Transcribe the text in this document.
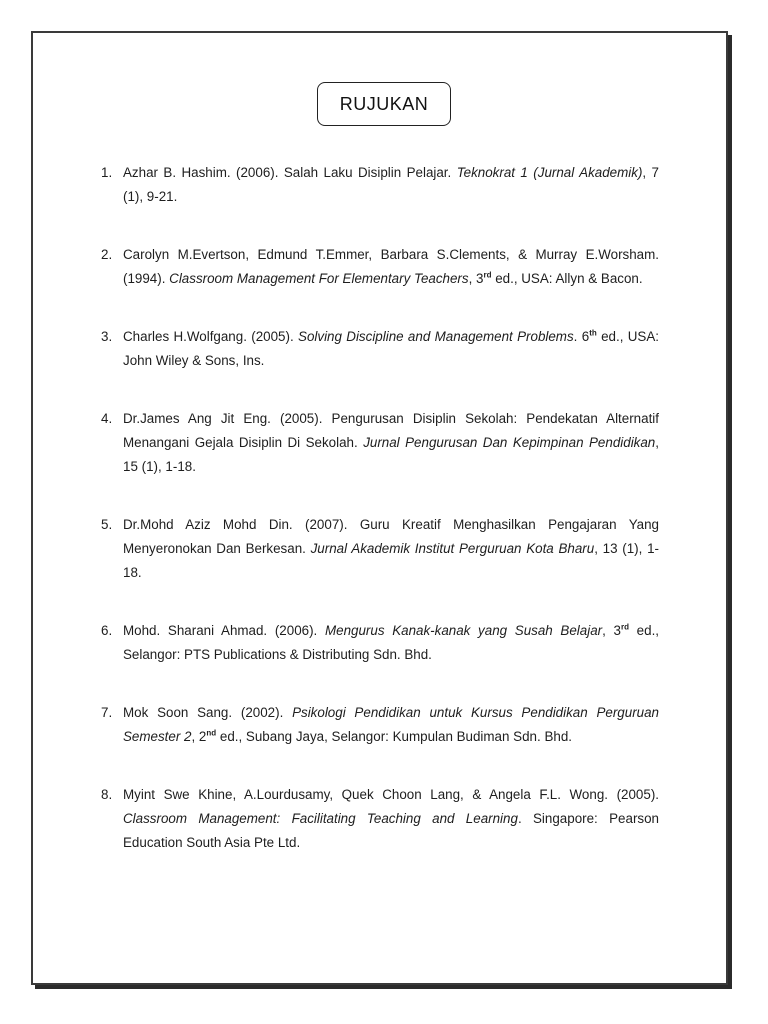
RUJUKAN
1. Azhar B. Hashim. (2006). Salah Laku Disiplin Pelajar. Teknokrat 1 (Jurnal Akademik), 7 (1), 9-21.
2. Carolyn M.Evertson, Edmund T.Emmer, Barbara S.Clements, & Murray E.Worsham. (1994). Classroom Management For Elementary Teachers, 3rd ed., USA: Allyn & Bacon.
3. Charles H.Wolfgang. (2005). Solving Discipline and Management Problems. 6th ed., USA: John Wiley & Sons, Ins.
4. Dr.James Ang Jit Eng. (2005). Pengurusan Disiplin Sekolah: Pendekatan Alternatif Menangani Gejala Disiplin Di Sekolah. Jurnal Pengurusan Dan Kepimpinan Pendidikan, 15 (1), 1-18.
5. Dr.Mohd Aziz Mohd Din. (2007). Guru Kreatif Menghasilkan Pengajaran Yang Menyeronokan Dan Berkesan. Jurnal Akademik Institut Perguruan Kota Bharu, 13 (1), 1-18.
6. Mohd. Sharani Ahmad. (2006). Mengurus Kanak-kanak yang Susah Belajar, 3rd ed., Selangor: PTS Publications & Distributing Sdn. Bhd.
7. Mok Soon Sang. (2002). Psikologi Pendidikan untuk Kursus Pendidikan Perguruan Semester 2, 2nd ed., Subang Jaya, Selangor: Kumpulan Budiman Sdn. Bhd.
8. Myint Swe Khine, A.Lourdusamy, Quek Choon Lang, & Angela F.L. Wong. (2005). Classroom Management: Facilitating Teaching and Learning. Singapore: Pearson Education South Asia Pte Ltd.
